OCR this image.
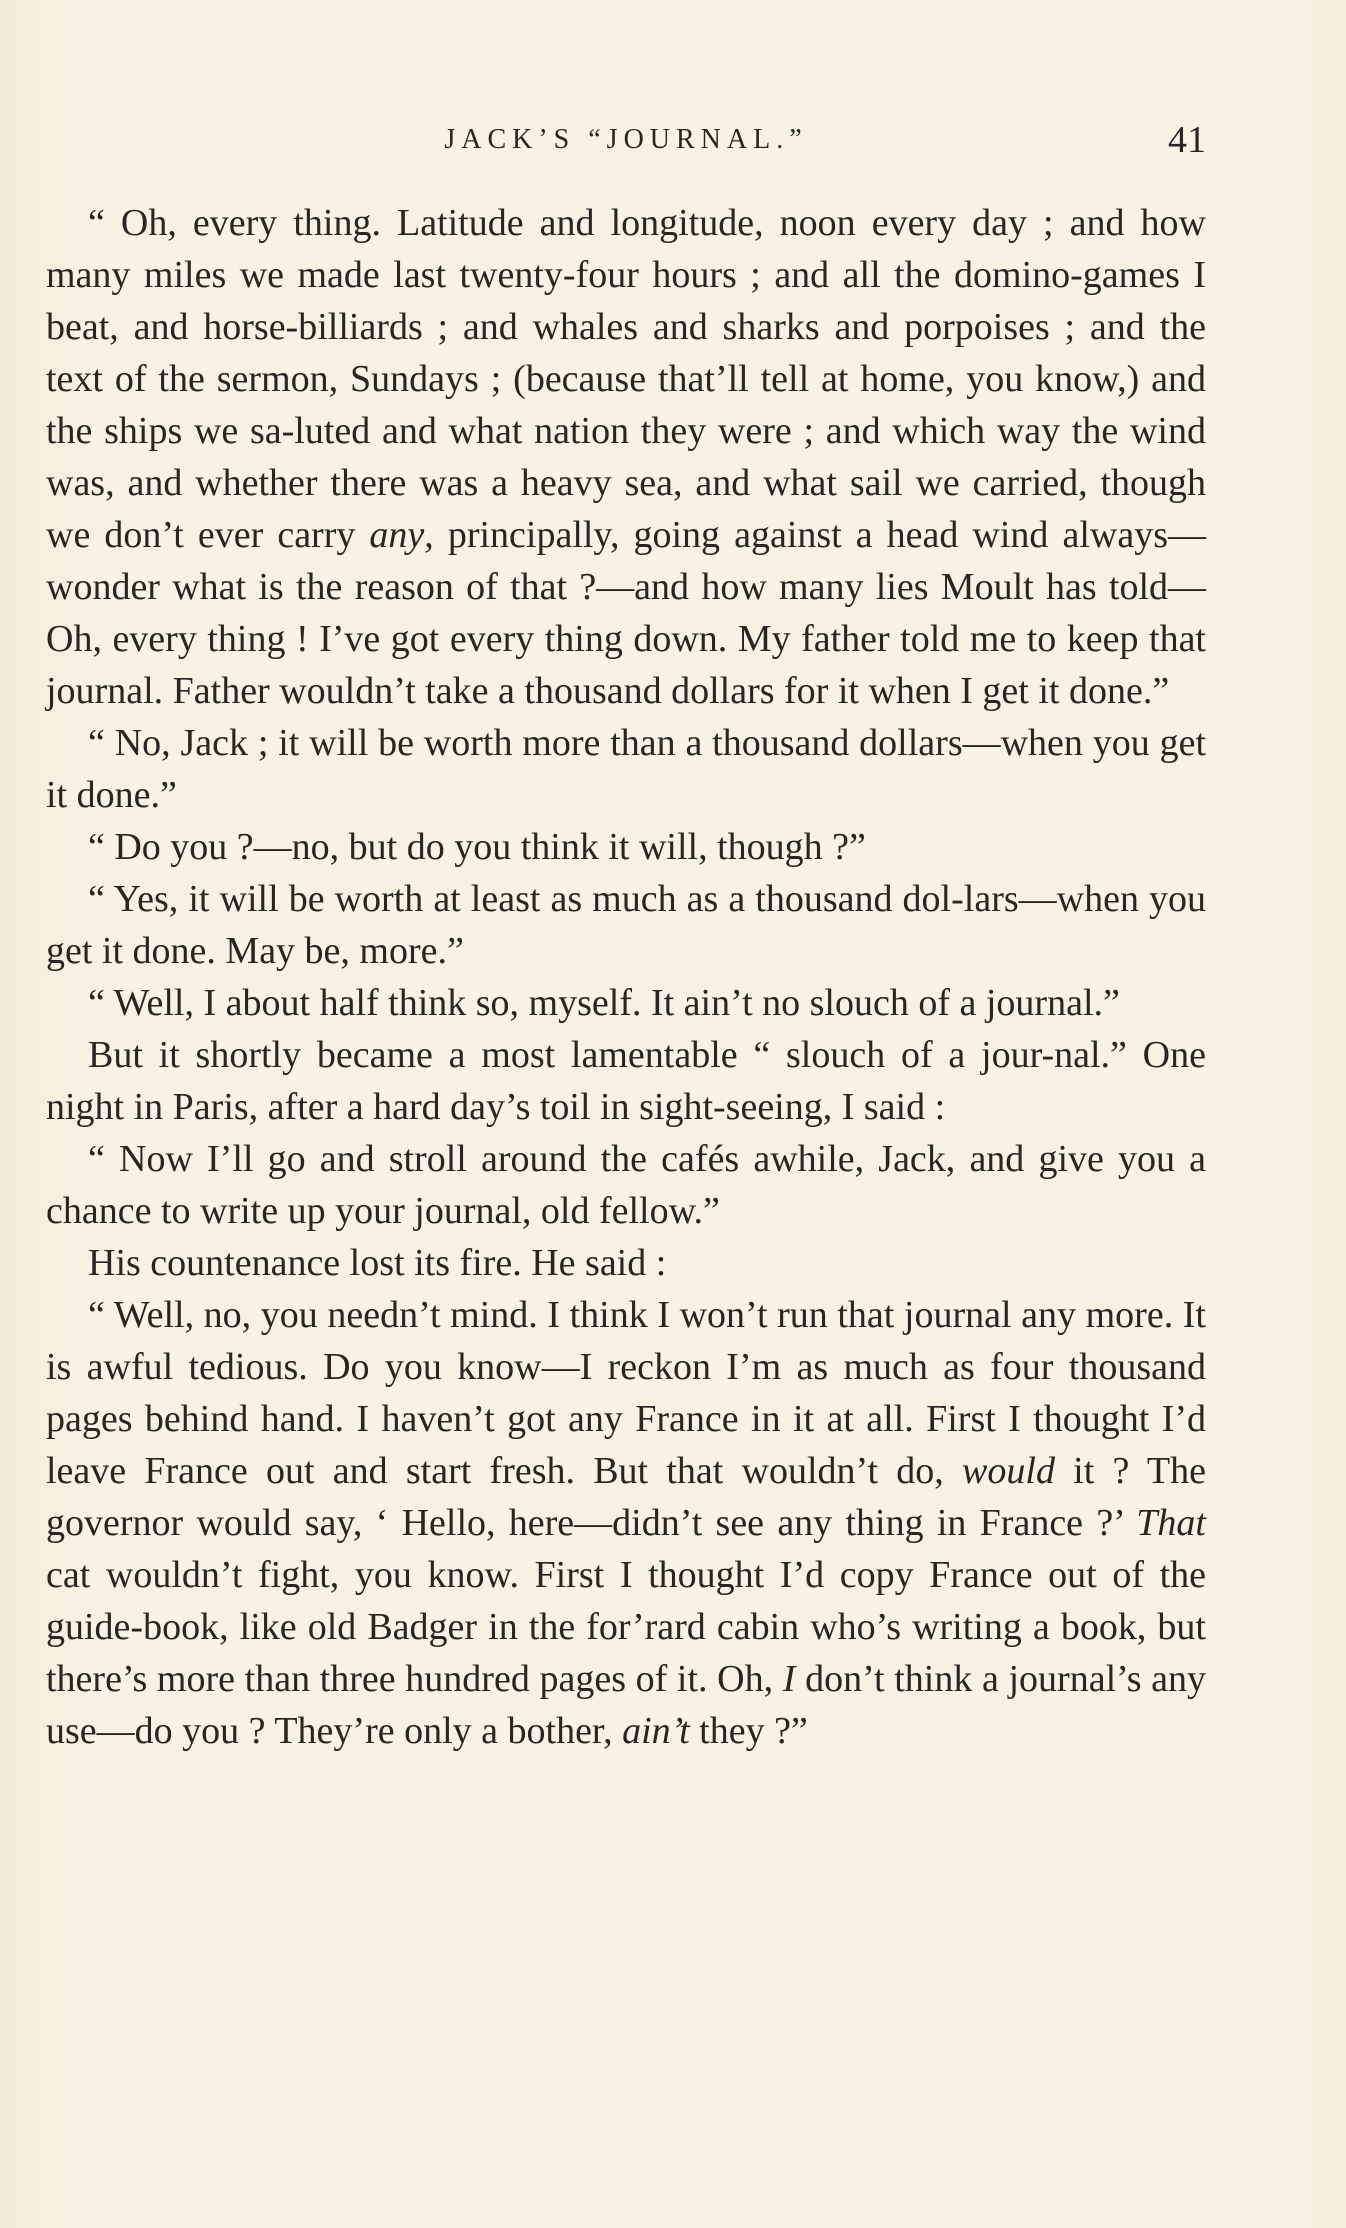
JACK’S “JOURNAL.”	41

“ Oh, every thing. Latitude and longitude, noon every day ; and how many miles we made last twenty-four hours ; and all the domino-games I beat, and horse-billiards ; and whales and sharks and porpoises ; and the text of the sermon, Sundays ; (because that’ll tell at home, you know,) and the ships we sa-luted and what nation they were ; and which way the wind was, and whether there was a heavy sea, and what sail we carried, though we don’t ever carry any, principally, going against a head wind always—wonder what is the reason of that ?—and how many lies Moult has told—Oh, every thing ! I’ve got every thing down. My father told me to keep that journal. Father wouldn’t take a thousand dollars for it when I get it done.”

“ No, Jack ; it will be worth more than a thousand dollars—when you get it done.”

“ Do you ?—no, but do you think it will, though ?”

“ Yes, it will be worth at least as much as a thousand dol-lars—when you get it done. May be, more.”

“ Well, I about half think so, myself. It ain’t no slouch of a journal.”

But it shortly became a most lamentable “ slouch of a jour-nal.” One night in Paris, after a hard day’s toil in sight-seeing, I said :

“ Now I’ll go and stroll around the cafés awhile, Jack, and give you a chance to write up your journal, old fellow.”

His countenance lost its fire. He said :

“ Well, no, you needn’t mind. I think I won’t run that journal any more. It is awful tedious. Do you know—I reckon I’m as much as four thousand pages behind hand. I haven’t got any France in it at all. First I thought I’d leave France out and start fresh. But that wouldn’t do, would it ? The governor would say, ‘ Hello, here—didn’t see any thing in France ?’ That cat wouldn’t fight, you know. First I thought I’d copy France out of the guide-book, like old Badger in the for’rard cabin who’s writing a book, but there’s more than three hundred pages of it. Oh, I don’t think a journal’s any use—do you ? They’re only a bother, ain’t they ?”
